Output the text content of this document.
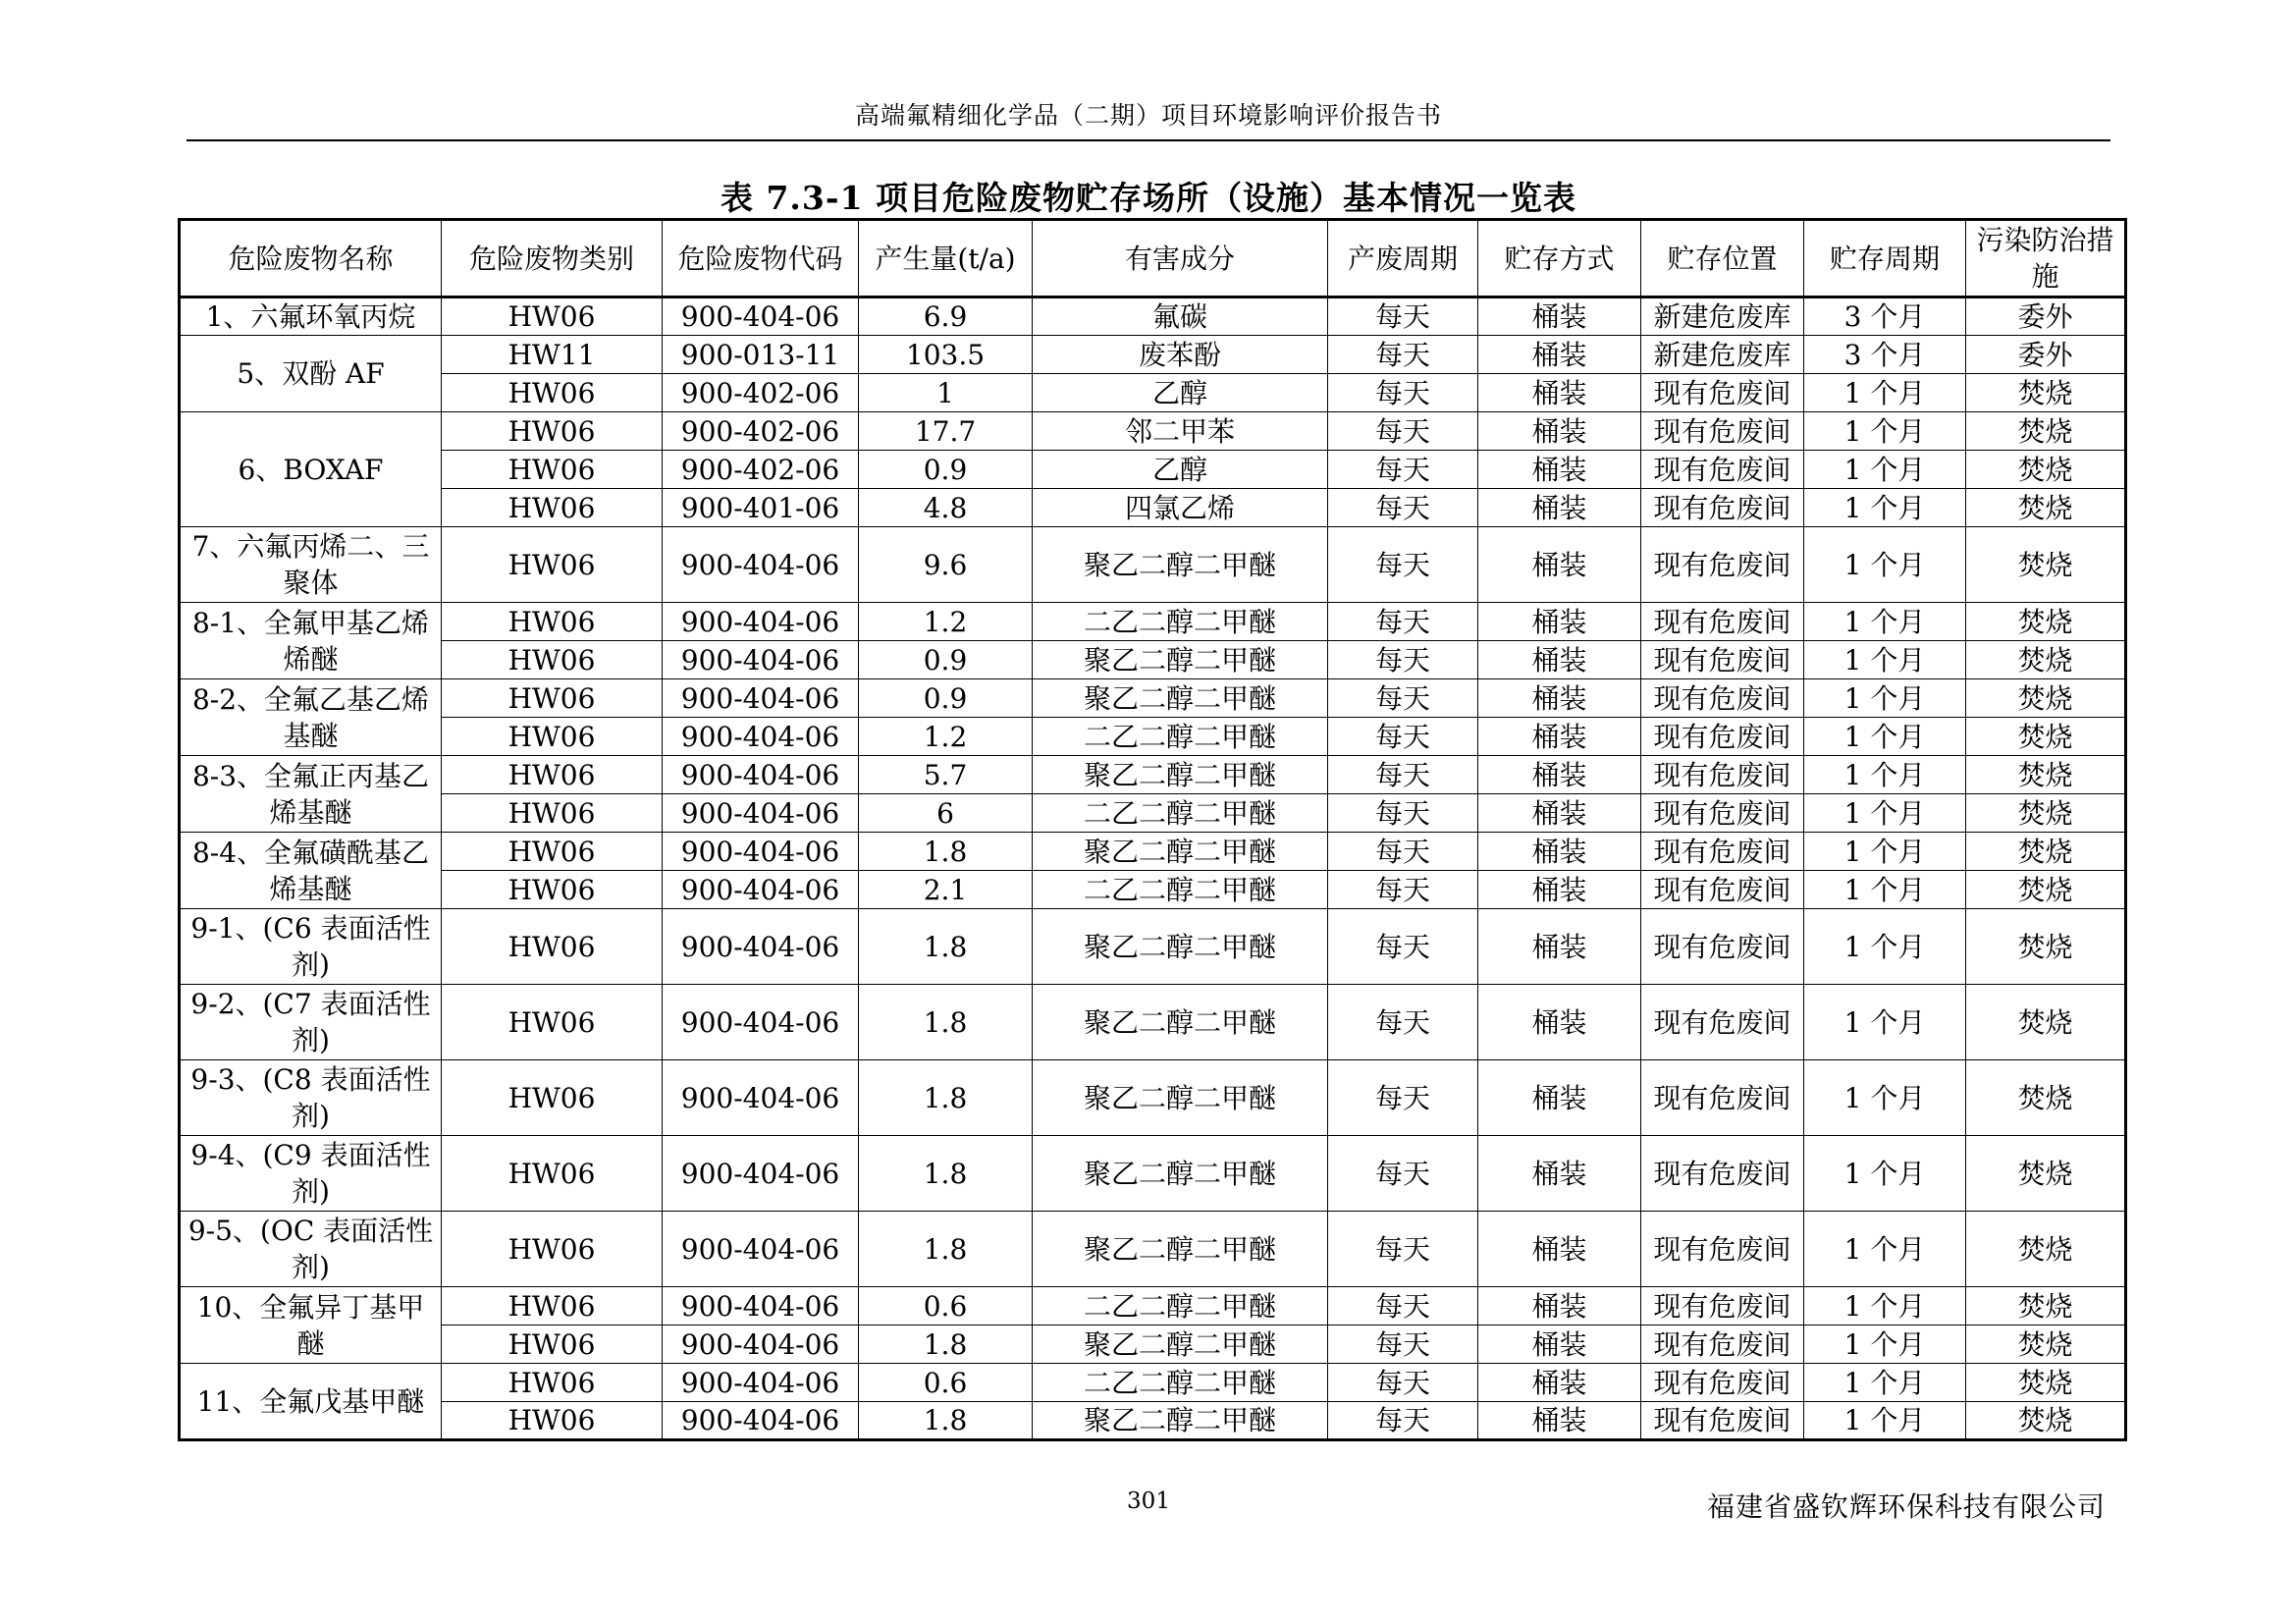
高端氟精细化学品（二期）项目环境影响评价报告书
表 7.3-1 项目危险废物贮存场所（设施）基本情况一览表
危险废物名称	危险废物类别	危险废物代码	产生量(t/a)	有害成分	产废周期	贮存方式	贮存位置	贮存周期	污染防治措施
1、六氟环氧丙烷	HW06	900-404-06	6.9	氟碳	每天	桶装	新建危废库	3 个月	委外
5、双酚 AF	HW11	900-013-11	103.5	废苯酚	每天	桶装	新建危废库	3 个月	委外
	HW06	900-402-06	1	乙醇	每天	桶装	现有危废间	1 个月	焚烧
6、BOXAF	HW06	900-402-06	17.7	邻二甲苯	每天	桶装	现有危废间	1 个月	焚烧
	HW06	900-402-06	0.9	乙醇	每天	桶装	现有危废间	1 个月	焚烧
	HW06	900-401-06	4.8	四氯乙烯	每天	桶装	现有危废间	1 个月	焚烧
7、六氟丙烯二、三聚体	HW06	900-404-06	9.6	聚乙二醇二甲醚	每天	桶装	现有危废间	1 个月	焚烧
8-1、全氟甲基乙烯烯醚	HW06	900-404-06	1.2	二乙二醇二甲醚	每天	桶装	现有危废间	1 个月	焚烧
	HW06	900-404-06	0.9	聚乙二醇二甲醚	每天	桶装	现有危废间	1 个月	焚烧
8-2、全氟乙基乙烯基醚	HW06	900-404-06	0.9	聚乙二醇二甲醚	每天	桶装	现有危废间	1 个月	焚烧
	HW06	900-404-06	1.2	二乙二醇二甲醚	每天	桶装	现有危废间	1 个月	焚烧
8-3、全氟正丙基乙烯基醚	HW06	900-404-06	5.7	聚乙二醇二甲醚	每天	桶装	现有危废间	1 个月	焚烧
	HW06	900-404-06	6	二乙二醇二甲醚	每天	桶装	现有危废间	1 个月	焚烧
8-4、全氟磺酰基乙烯基醚	HW06	900-404-06	1.8	聚乙二醇二甲醚	每天	桶装	现有危废间	1 个月	焚烧
	HW06	900-404-06	2.1	二乙二醇二甲醚	每天	桶装	现有危废间	1 个月	焚烧
9-1、(C6 表面活性剂)	HW06	900-404-06	1.8	聚乙二醇二甲醚	每天	桶装	现有危废间	1 个月	焚烧
9-2、(C7 表面活性剂)	HW06	900-404-06	1.8	聚乙二醇二甲醚	每天	桶装	现有危废间	1 个月	焚烧
9-3、(C8 表面活性剂)	HW06	900-404-06	1.8	聚乙二醇二甲醚	每天	桶装	现有危废间	1 个月	焚烧
9-4、(C9 表面活性剂)	HW06	900-404-06	1.8	聚乙二醇二甲醚	每天	桶装	现有危废间	1 个月	焚烧
9-5、(OC 表面活性剂)	HW06	900-404-06	1.8	聚乙二醇二甲醚	每天	桶装	现有危废间	1 个月	焚烧
10、全氟异丁基甲醚	HW06	900-404-06	0.6	二乙二醇二甲醚	每天	桶装	现有危废间	1 个月	焚烧
	HW06	900-404-06	1.8	聚乙二醇二甲醚	每天	桶装	现有危废间	1 个月	焚烧
11、全氟戊基甲醚	HW06	900-404-06	0.6	二乙二醇二甲醚	每天	桶装	现有危废间	1 个月	焚烧
	HW06	900-404-06	1.8	聚乙二醇二甲醚	每天	桶装	现有危废间	1 个月	焚烧
301	福建省盛钦辉环保科技有限公司
